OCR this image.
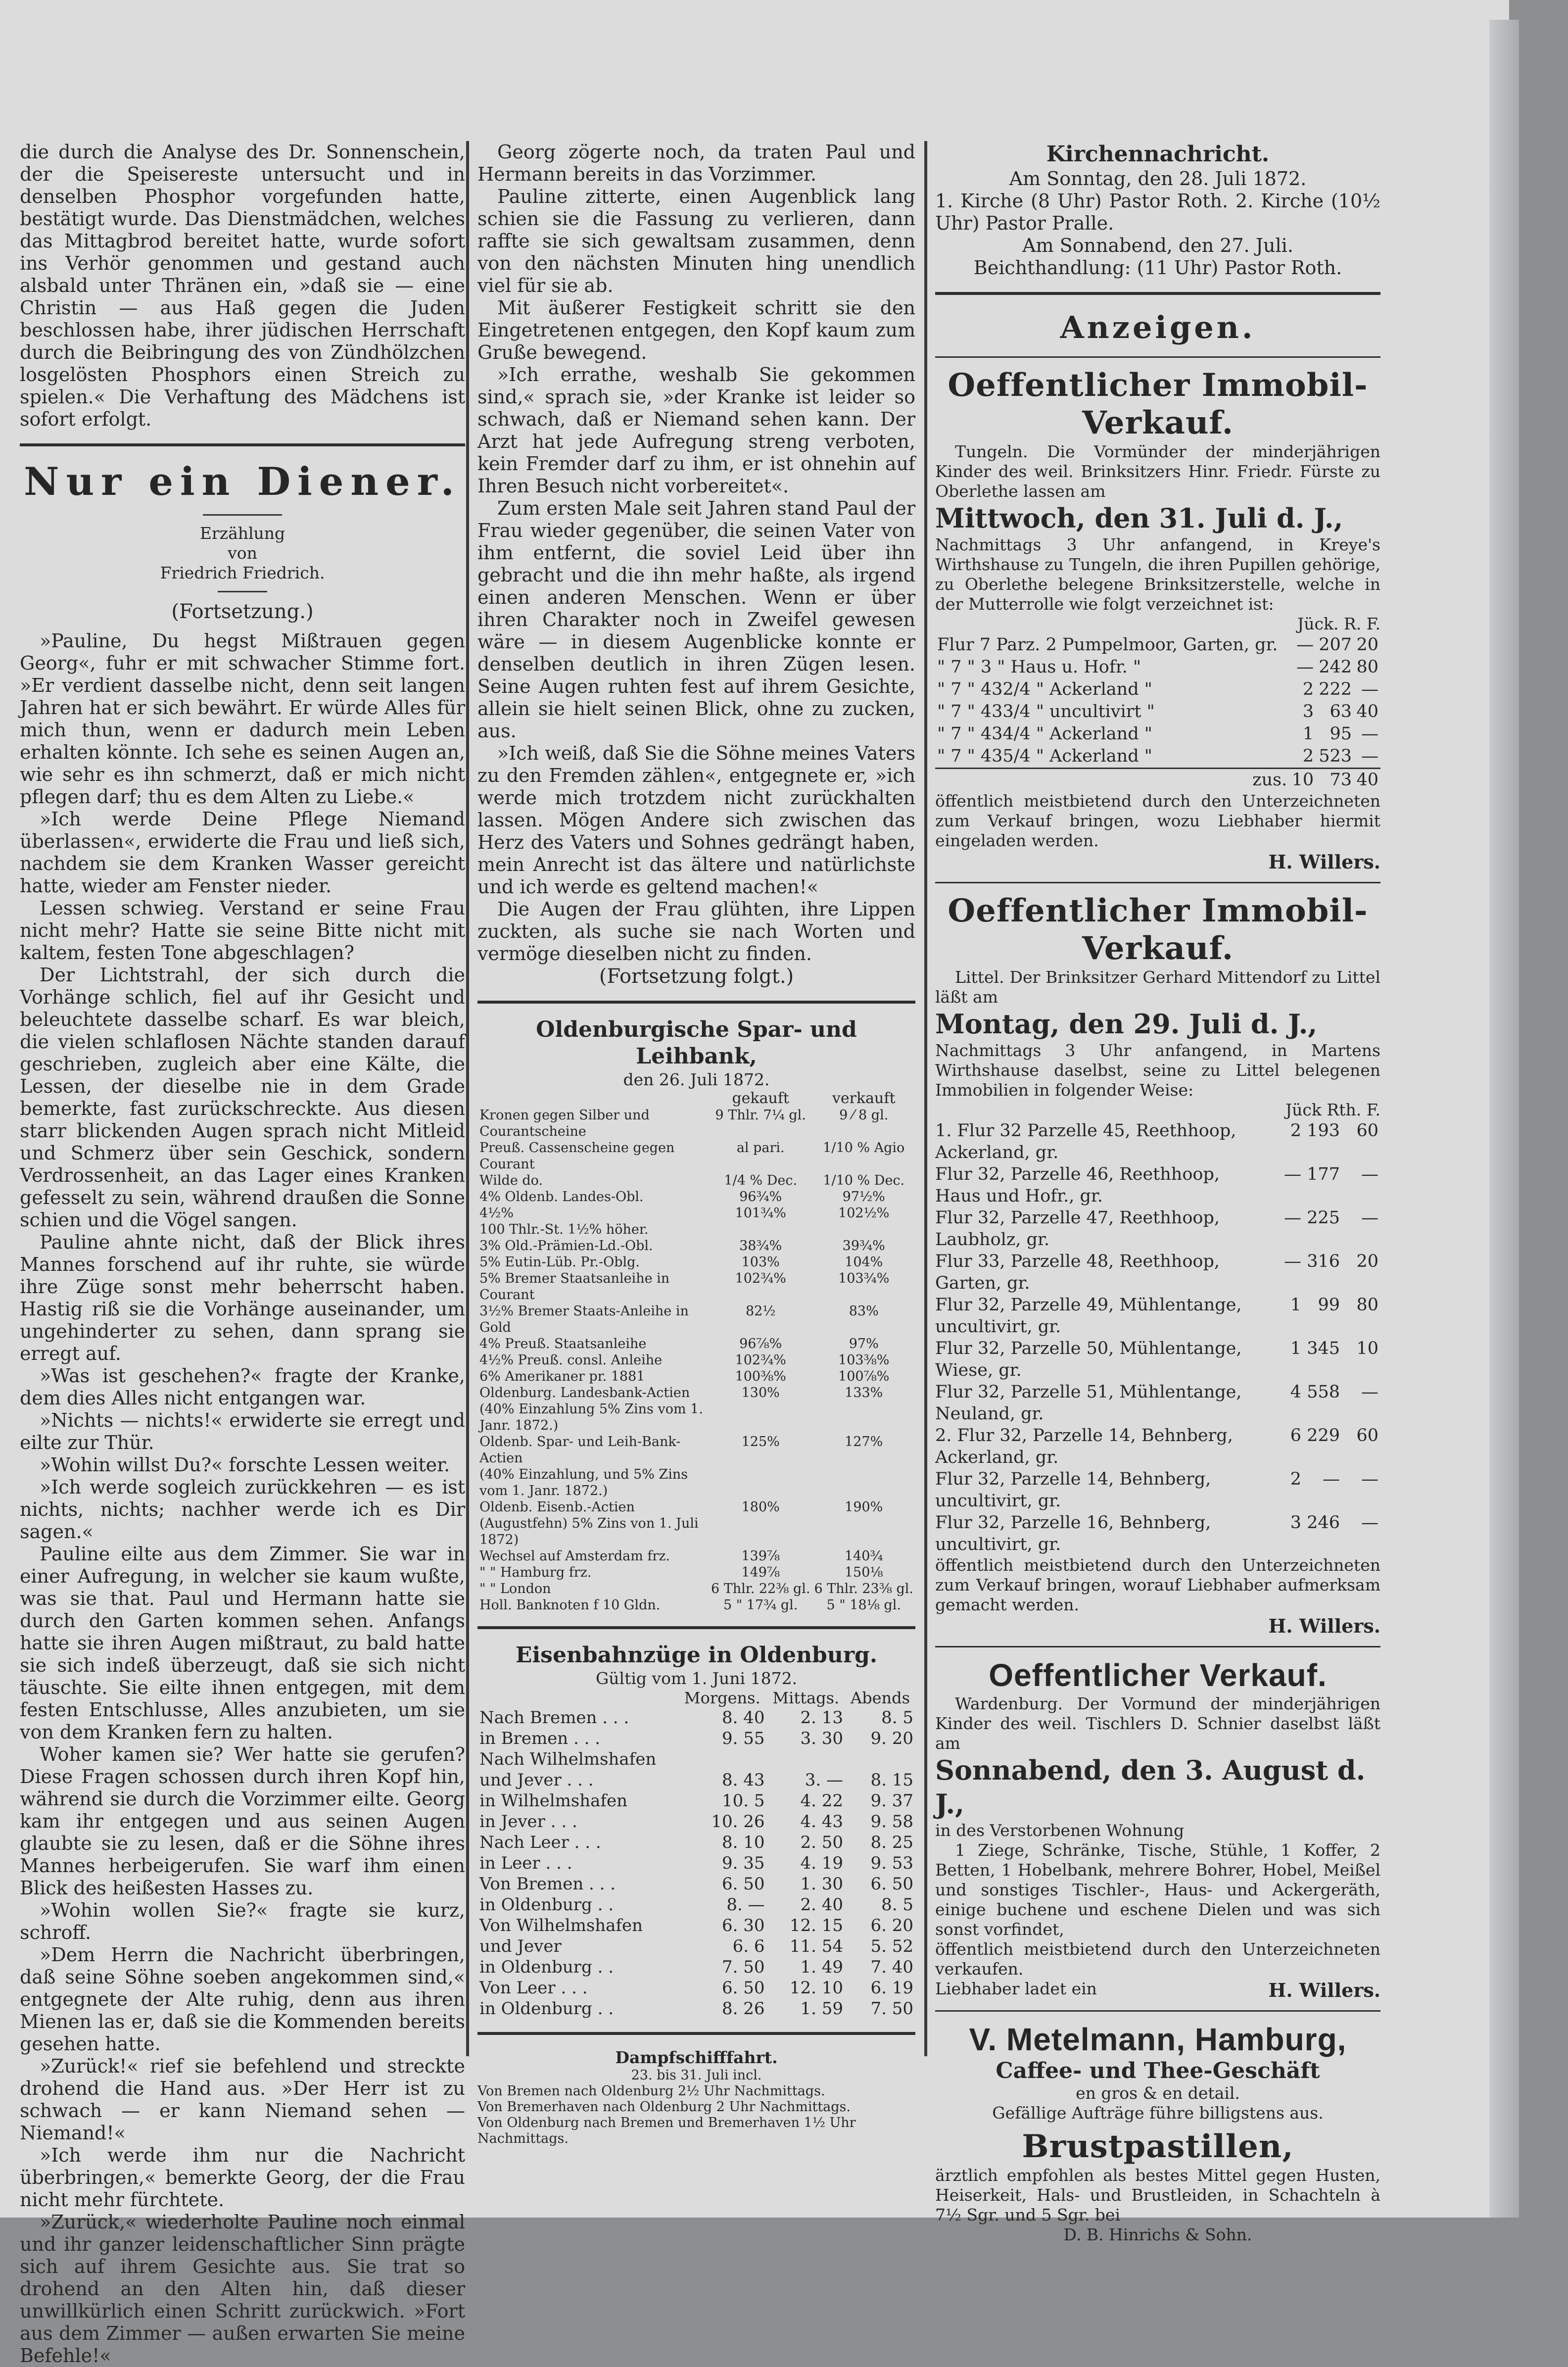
die durch die Analyse des Dr. Sonnenschein, der die Speisereste untersucht und in denselben Phosphor vorgefunden hatte, bestätigt wurde. Das Dienstmädchen, welches das Mittagbrod bereitet hatte, wurde sofort ins Verhör genommen und gestand auch alsbald unter Thränen ein, »daß sie — eine Christin — aus Haß gegen die Juden beschlossen habe, ihrer jüdischen Herrschaft durch die Beibringung des von Zündhölzchen losgelösten Phosphors einen Streich zu spielen.« Die Verhaftung des Mädchens ist sofort erfolgt.

Nur ein Diener.
Erzählung
von
Friedrich Friedrich.
(Fortsetzung.)

»Pauline, Du hegst Mißtrauen gegen Georg«, fuhr er mit schwacher Stimme fort. »Er verdient dasselbe nicht, denn seit langen Jahren hat er sich bewährt. Er würde Alles für mich thun, wenn er dadurch mein Leben erhalten könnte. Ich sehe es seinen Augen an, wie sehr es ihn schmerzt, daß er mich nicht pflegen darf; thu es dem Alten zu Liebe.«

»Ich werde Deine Pflege Niemand überlassen«, erwiderte die Frau und ließ sich, nachdem sie dem Kranken Wasser gereicht hatte, wieder am Fenster nieder.

Lessen schwieg. Verstand er seine Frau nicht mehr? Hatte sie seine Bitte nicht mit kaltem, festen Tone abgeschlagen?

Der Lichtstrahl, der sich durch die Vorhänge schlich, fiel auf ihr Gesicht und beleuchtete dasselbe scharf. Es war bleich, die vielen schlaflosen Nächte standen darauf geschrieben, zugleich aber eine Kälte, die Lessen, der dieselbe nie in dem Grade bemerkte, fast zurückschreckte. Aus diesen starr blickenden Augen sprach nicht Mitleid und Schmerz über sein Geschick, sondern Verdrossenheit, an das Lager eines Kranken gefesselt zu sein, während draußen die Sonne schien und die Vögel sangen.

Pauline ahnte nicht, daß der Blick ihres Mannes forschend auf ihr ruhte, sie würde ihre Züge sonst mehr beherrscht haben. Hastig riß sie die Vorhänge auseinander, um ungehinderter zu sehen, dann sprang sie erregt auf.

»Was ist geschehen?« fragte der Kranke, dem dies Alles nicht entgangen war.

»Nichts — nichts!« erwiderte sie erregt und eilte zur Thür.

»Wohin willst Du?« forschte Lessen weiter.

»Ich werde sogleich zurückkehren — es ist nichts, nichts; nachher werde ich es Dir sagen.«

Pauline eilte aus dem Zimmer. Sie war in einer Aufregung, in welcher sie kaum wußte, was sie that. Paul und Hermann hatte sie durch den Garten kommen sehen. Anfangs hatte sie ihren Augen mißtraut, zu bald hatte sie sich indeß überzeugt, daß sie sich nicht täuschte. Sie eilte ihnen entgegen, mit dem festen Entschlusse, Alles anzubieten, um sie von dem Kranken fern zu halten.

Woher kamen sie? Wer hatte sie gerufen? Diese Fragen schossen durch ihren Kopf hin, während sie durch die Vorzimmer eilte. Georg kam ihr entgegen und aus seinen Augen glaubte sie zu lesen, daß er die Söhne ihres Mannes herbeigerufen. Sie warf ihm einen Blick des heißesten Hasses zu.

»Wohin wollen Sie?« fragte sie kurz, schroff.

»Dem Herrn die Nachricht überbringen, daß seine Söhne soeben angekommen sind,« entgegnete der Alte ruhig, denn aus ihren Mienen las er, daß sie die Kommenden bereits gesehen hatte.

»Zurück!« rief sie befehlend und streckte drohend die Hand aus. »Der Herr ist zu schwach — er kann Niemand sehen — Niemand!«

»Ich werde ihm nur die Nachricht überbringen,« bemerkte Georg, der die Frau nicht mehr fürchtete.

»Zurück,« wiederholte Pauline noch einmal und ihr ganzer leidenschaftlicher Sinn prägte sich auf ihrem Gesichte aus. Sie trat so drohend an den Alten hin, daß dieser unwillkürlich einen Schritt zurückwich. »Fort aus dem Zimmer — außen erwarten Sie meine Befehle!«

Georg zögerte noch, da traten Paul und Hermann bereits in das Vorzimmer.

Pauline zitterte, einen Augenblick lang schien sie die Fassung zu verlieren, dann raffte sie sich gewaltsam zusammen, denn von den nächsten Minuten hing unendlich viel für sie ab.

Mit äußerer Festigkeit schritt sie den Eingetretenen entgegen, den Kopf kaum zum Gruße bewegend.

»Ich errathe, weshalb Sie gekommen sind,« sprach sie, »der Kranke ist leider so schwach, daß er Niemand sehen kann. Der Arzt hat jede Aufregung streng verboten, kein Fremder darf zu ihm, er ist ohnehin auf Ihren Besuch nicht vorbereitet«.

Zum ersten Male seit Jahren stand Paul der Frau wieder gegenüber, die seinen Vater von ihm entfernt, die soviel Leid über ihn gebracht und die ihn mehr haßte, als irgend einen anderen Menschen. Wenn er über ihren Charakter noch in Zweifel gewesen wäre — in diesem Augenblicke konnte er denselben deutlich in ihren Zügen lesen. Seine Augen ruhten fest auf ihrem Gesichte, allein sie hielt seinen Blick, ohne zu zucken, aus.

»Ich weiß, daß Sie die Söhne meines Vaters zu den Fremden zählen«, entgegnete er, »ich werde mich trotzdem nicht zurückhalten lassen. Mögen Andere sich zwischen das Herz des Vaters und Sohnes gedrängt haben, mein Anrecht ist das ältere und natürlichste und ich werde es geltend machen!«

Die Augen der Frau glühten, ihre Lippen zuckten, als suche sie nach Worten und vermöge dieselben nicht zu finden.

(Fortsetzung folgt.)
Oldenburgische Spar- und Leihbank,
den 26. Juli 1872.
	gekauft	verkauft
Kronen gegen Silber und Courantscheine	9 Thlr. 7¼ gl.	9 ⁄ 8 gl.
Preuß. Cassenscheine gegen Courant	al pari.	1/10 % Agio
Wilde do.	1/4 % Dec.	1/10 % Dec.
4% Oldenb. Landes-Obl.	96¾%	97½%
4½%	101¾%	102½%
100 Thlr.-St. 1½% höher.		
3% Old.-Prämien-Ld.-Obl.	38¾%	39¾%
5% Eutin-Lüb. Pr.-Oblg.	103%	104%
5% Bremer Staatsanleihe in Courant	102¾%	103¾%
3½% Bremer Staats-Anleihe in Gold	82½	83%
4% Preuß. Staatsanleihe	96⅞%	97%
4½% Preuß. consl. Anleihe	102¾%	103⅜%
6% Amerikaner pr. 1881	100⅜%	100⅞%
Oldenburg. Landesbank-Actien	130%	133%
(40% Einzahlung 5% Zins vom 1. Janr. 1872.)		
Oldenb. Spar- und Leih-Bank-Actien	125%	127%
(40% Einzahlung, und 5% Zins vom 1. Janr. 1872.)		
Oldenb. Eisenb.-Actien (Augustfehn) 5% Zins von 1. Juli 1872)	180%	190%
Wechsel auf Amsterdam frz.	139⅞	140¾
" " Hamburg frz.	149⅞	150⅛
" " London	6 Thlr. 22⅜ gl.	6 Thlr. 23⅜ gl.
Holl. Banknoten f 10 Gldn.	5 " 17¾ gl.	5 " 18⅛ gl.
Eisenbahnzüge in Oldenburg.
Gültig vom 1. Juni 1872.
	Morgens.	Mittags.	Abends
Nach Bremen . . .	8. 40	2. 13	8. 5
in Bremen . . .	9. 55	3. 30	9. 20
Nach Wilhelmshafen			
und Jever . . .	8. 43	3. —	8. 15
in Wilhelmshafen	10. 5	4. 22	9. 37
in Jever . . .	10. 26	4. 43	9. 58
Nach Leer . . .	8. 10	2. 50	8. 25
in Leer . . .	9. 35	4. 19	9. 53
Von Bremen . . .	6. 50	1. 30	6. 50
in Oldenburg . .	8. —	2. 40	8. 5
Von Wilhelmshafen	6. 30	12. 15	6. 20
und Jever	6. 6	11. 54	5. 52
in Oldenburg . .	7. 50	1. 49	7. 40
Von Leer . . .	6. 50	12. 10	6. 19
in Oldenburg . .	8. 26	1. 59	7. 50
Dampfschifffahrt.
23. bis 31. Juli incl.
Von Bremen nach Oldenburg 2½ Uhr Nachmittags.
Von Bremerhaven nach Oldenburg 2 Uhr Nachmittags.
Von Oldenburg nach Bremen und Bremerhaven 1½ Uhr Nachmittags.
Kirchennachricht.

Am Sonntag, den 28. Juli 1872.

1. Kirche (8 Uhr) Pastor Roth. 2. Kirche (10½ Uhr) Pastor Pralle.

Am Sonnabend, den 27. Juli.

Beichthandlung: (11 Uhr) Pastor Roth.

Anzeigen.
Oeffentlicher Immobil-Verkauf.

Tungeln. Die Vormünder der minderjährigen Kinder des weil. Brinksitzers Hinr. Friedr. Fürste zu Oberlethe lassen am

Mittwoch, den 31. Juli d. J.,

Nachmittags 3 Uhr anfangend, in Kreye's Wirthshause zu Tungeln, die ihren Pupillen gehörige, zu Oberlethe belegene Brinksitzerstelle, welche in der Mutterrolle wie folgt verzeichnet ist:

Jück. R. F.
Flur 7 Parz. 2 Pumpelmoor, Garten, gr.	—	207	20
" 7 " 3 " Haus u. Hofr. "	—	242	80
" 7 " 432/4 " Ackerland "	2	222	—
" 7 " 433/4 " uncultivirt "	3	63	40
" 7 " 434/4 " Ackerland "	1	95	—
" 7 " 435/4 " Ackerland "	2	523	—
zus.	10	73	40

öffentlich meistbietend durch den Unterzeichneten zum Verkauf bringen, wozu Liebhaber hiermit eingeladen werden.

H. Willers.
Oeffentlicher Immobil-Verkauf.

Littel. Der Brinksitzer Gerhard Mittendorf zu Littel läßt am

Montag, den 29. Juli d. J.,

Nachmittags 3 Uhr anfangend, in Martens Wirthshause daselbst, seine zu Littel belegenen Immobilien in folgender Weise:

Jück Rth. F.
1. Flur 32 Parzelle 45, Reethhoop, Ackerland, gr.	2	193	60
Flur 32, Parzelle 46, Reethhoop, Haus und Hofr., gr.	—	177	—
Flur 32, Parzelle 47, Reethhoop, Laubholz, gr.	—	225	—
Flur 33, Parzelle 48, Reethhoop, Garten, gr.	—	316	20
Flur 32, Parzelle 49, Mühlentange, uncultivirt, gr.	1	99	80
Flur 32, Parzelle 50, Mühlentange, Wiese, gr.	1	345	10
Flur 32, Parzelle 51, Mühlentange, Neuland, gr.	4	558	—
2. Flur 32, Parzelle 14, Behnberg, Ackerland, gr.	6	229	60
Flur 32, Parzelle 14, Behnberg, uncultivirt, gr.	2	—	—
Flur 32, Parzelle 16, Behnberg, uncultivirt, gr.	3	246	—

öffentlich meistbietend durch den Unterzeichneten zum Verkauf bringen, worauf Liebhaber aufmerksam gemacht werden.

H. Willers.
Oeffentlicher Verkauf.

Wardenburg. Der Vormund der minderjährigen Kinder des weil. Tischlers D. Schnier daselbst läßt am

Sonnabend, den 3. August d. J.,

in des Verstorbenen Wohnung

1 Ziege, Schränke, Tische, Stühle, 1 Koffer, 2 Betten, 1 Hobelbank, mehrere Bohrer, Hobel, Meißel und sonstiges Tischler-, Haus- und Ackergeräth, einige buchene und eschene Dielen und was sich sonst vorfindet,

öffentlich meistbietend durch den Unterzeichneten verkaufen.

Liebhaber ladet ein	H. Willers.
V. Metelmann, Hamburg,
Caffee- und Thee-Geschäft
en gros & en detail.
Gefällige Aufträge führe billigstens aus.
Brustpastillen,

ärztlich empfohlen als bestes Mittel gegen Husten, Heiserkeit, Hals- und Brustleiden, in Schachteln à 7½ Sgr. und 5 Sgr. bei

D. B. Hinrichs & Sohn.
